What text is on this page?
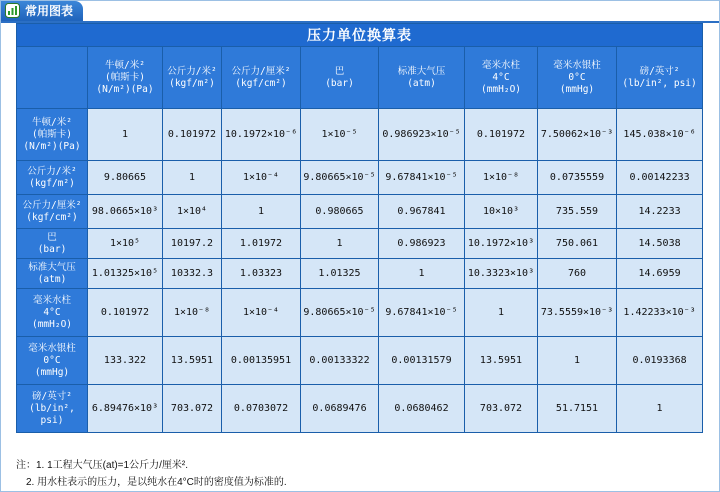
常用图表
压力单位换算表								
	牛顿/米²
(帕斯卡)
(N/m²)(Pa)	公斤力/米²
(kgf/m²)	公斤力/厘米²
(kgf/cm²)	巴
(bar)	标准大气压
(atm)	毫米水柱
4°C
(mmH₂O)	毫米水银柱
0°C
(mmHg)	磅/英寸²
(lb/in², psi)
牛顿/米²
(帕斯卡)
(N/m²)(Pa)	1	0.101972	10.1972×10⁻⁶	1×10⁻⁵	0.986923×10⁻⁵	0.101972	7.50062×10⁻³	145.038×10⁻⁶
公斤力/米²
(kgf/m²)	9.80665	1	1×10⁻⁴	9.80665×10⁻⁵	9.67841×10⁻⁵	1×10⁻⁸	0.0735559	0.00142233
公斤力/厘米²
(kgf/cm²)	98.0665×10³	1×10⁴	1	0.980665	0.967841	10×10³	735.559	14.2233
巴
(bar)	1×10⁵	10197.2	1.01972	1	0.986923	10.1972×10³	750.061	14.5038
标准大气压
(atm)	1.01325×10⁵	10332.3	1.03323	1.01325	1	10.3323×10³	760	14.6959
毫米水柱
4°C
(mmH₂O)	0.101972	1×10⁻⁸	1×10⁻⁴	9.80665×10⁻⁵	9.67841×10⁻⁵	1	73.5559×10⁻³	1.42233×10⁻³
毫米水银柱
0°C
(mmHg)	133.322	13.5951	0.00135951	0.00133322	0.00131579	13.5951	1	0.0193368
磅/英寸²
(lb/in², psi)	6.89476×10³	703.072	0.0703072	0.0689476	0.0680462	703.072	51.7151	1
注：1. 1工程大气压(at)=1公斤力/厘米².
2. 用水柱表示的压力，是以纯水在4°C时的密度值为标准的.
